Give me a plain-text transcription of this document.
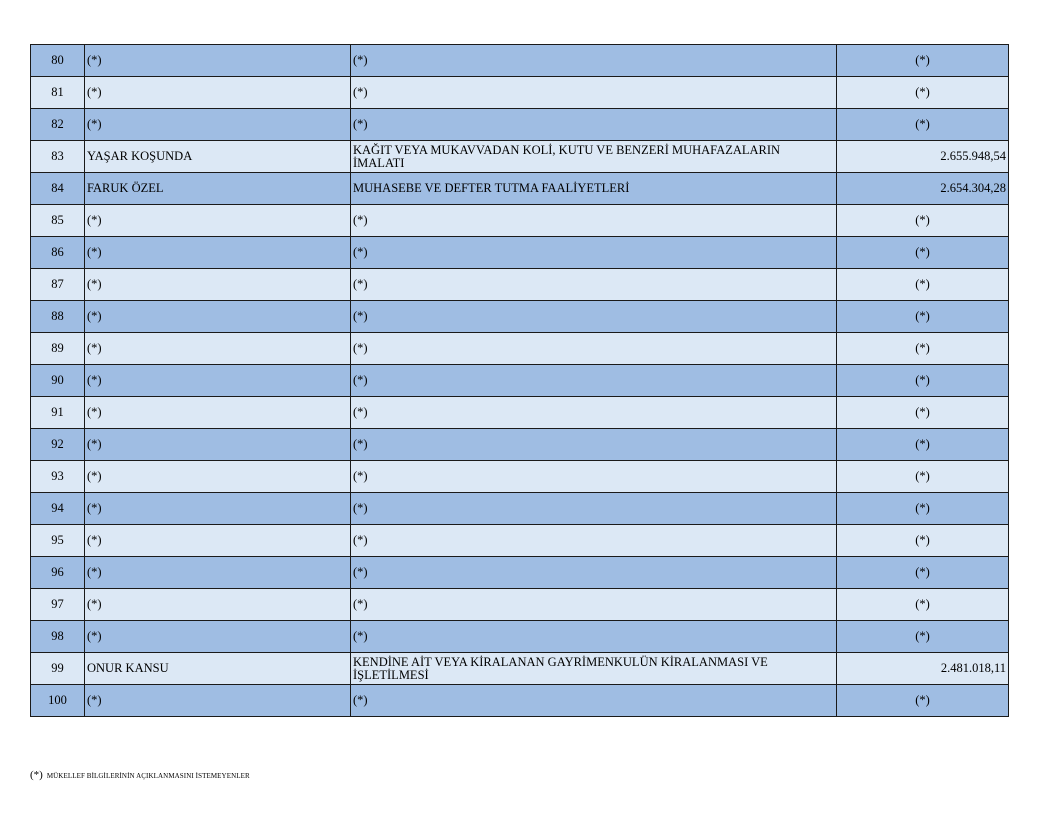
80	(*)	(*)	(*)
81	(*)	(*)	(*)
82	(*)	(*)	(*)
83	YAŞAR KOŞUNDA	KAĞIT VEYA MUKAVVADAN KOLİ, KUTU VE BENZERİ MUHAFAZALARIN İMALATI	2.655.948,54
84	FARUK ÖZEL	MUHASEBE VE DEFTER TUTMA FAALİYETLERİ	2.654.304,28
85	(*)	(*)	(*)
86	(*)	(*)	(*)
87	(*)	(*)	(*)
88	(*)	(*)	(*)
89	(*)	(*)	(*)
90	(*)	(*)	(*)
91	(*)	(*)	(*)
92	(*)	(*)	(*)
93	(*)	(*)	(*)
94	(*)	(*)	(*)
95	(*)	(*)	(*)
96	(*)	(*)	(*)
97	(*)	(*)	(*)
98	(*)	(*)	(*)
99	ONUR KANSU	KENDİNE AİT VEYA KİRALANAN GAYRİMENKULÜN KİRALANMASI VE İŞLETİLMESİ	2.481.018,11
100	(*)	(*)	(*)
(*) MÜKELLEF BİLGİLERİNİN AÇIKLANMASINI İSTEMEYENLER
